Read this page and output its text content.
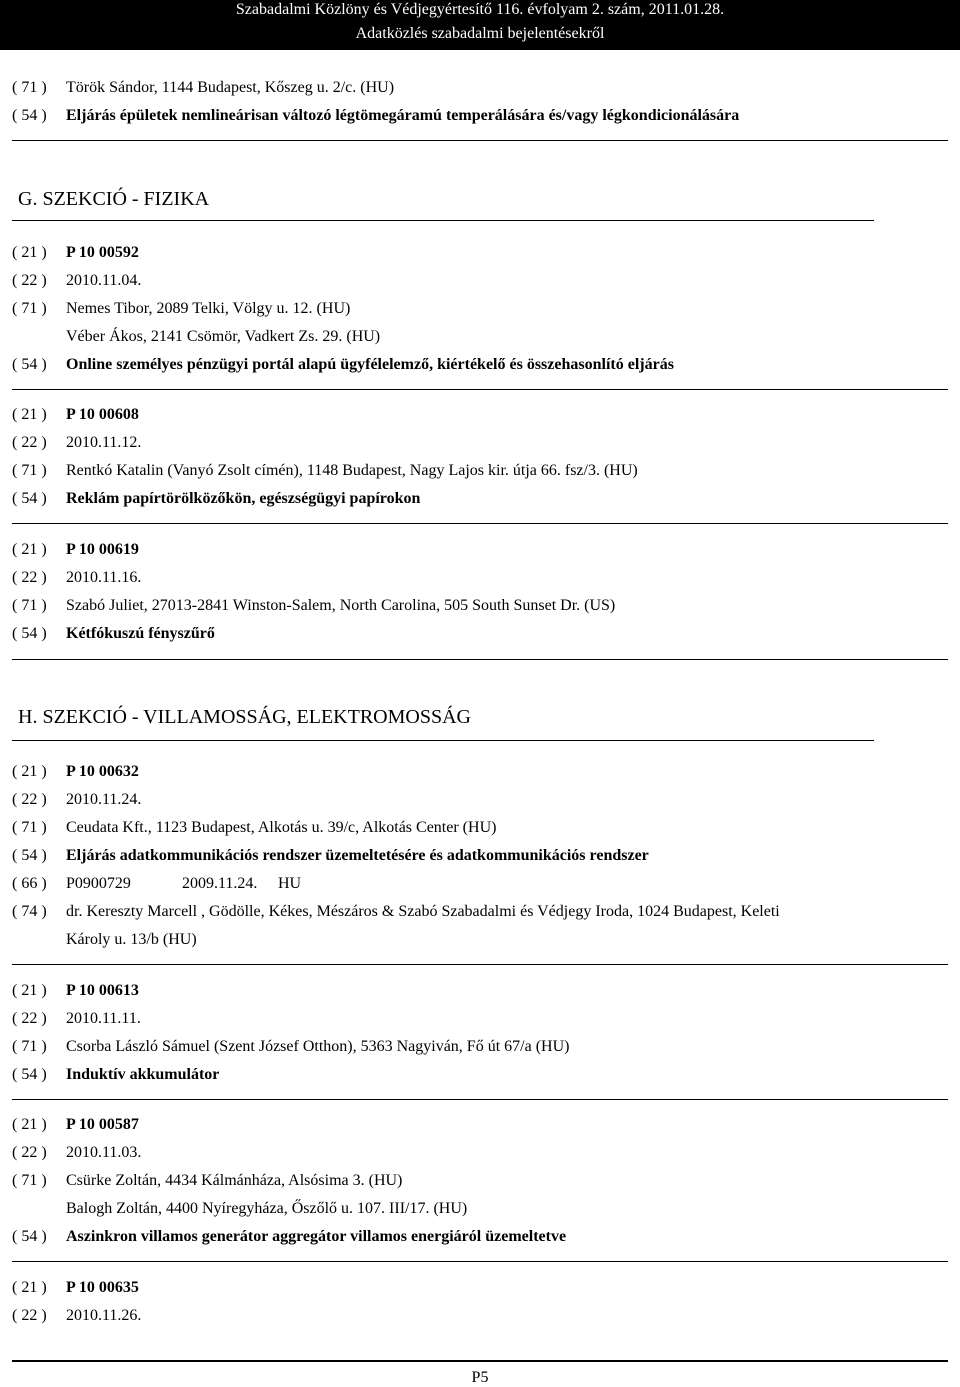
Szabadalmi Közlöny és Védjegyértesítő 116. évfolyam 2. szám, 2011.01.28.
Adatközlés szabadalmi bejelentésekről
( 71 ) Török Sándor, 1144 Budapest, Kőszeg u. 2/c. (HU)
( 54 ) Eljárás épületek nemlineárisan változó légtömegáramú temperálására és/vagy légkondicionálására
G. SZEKCIÓ - FIZIKA
( 21 ) P 10 00592
( 22 ) 2010.11.04.
( 71 ) Nemes Tibor, 2089 Telki, Völgy u. 12. (HU)
Véber Ákos, 2141 Csömör, Vadkert Zs. 29. (HU)
( 54 ) Online személyes pénzügyi portál alapú ügyfélelemző, kiértékelő és összehasonlító eljárás
( 21 ) P 10 00608
( 22 ) 2010.11.12.
( 71 ) Rentkó Katalin (Vanyó Zsolt címén), 1148 Budapest, Nagy Lajos kir. útja 66. fsz/3. (HU)
( 54 ) Reklám papírtörölközőkön, egészségügyi papírokon
( 21 ) P 10 00619
( 22 ) 2010.11.16.
( 71 ) Szabó Juliet, 27013-2841 Winston-Salem, North Carolina, 505 South Sunset Dr. (US)
( 54 ) Kétfókuszú fényszűrő
H. SZEKCIÓ - VILLAMOSSÁG, ELEKTROMOSSÁG
( 21 ) P 10 00632
( 22 ) 2010.11.24.
( 71 ) Ceudata Kft., 1123 Budapest, Alkotás u. 39/c, Alkotás Center (HU)
( 54 ) Eljárás adatkommunikációs rendszer üzemeltetésére és adatkommunikációs rendszer
( 66 ) P0900729	2009.11.24. HU
( 74 ) dr. Kereszty Marcell , Gödölle, Kékes, Mészáros & Szabó Szabadalmi és Védjegy Iroda, 1024 Budapest, Keleti
Károly u. 13/b (HU)
( 21 ) P 10 00613
( 22 ) 2010.11.11.
( 71 ) Csorba László Sámuel (Szent József Otthon), 5363 Nagyiván, Fő út 67/a (HU)
( 54 ) Induktív akkumulátor
( 21 ) P 10 00587
( 22 ) 2010.11.03.
( 71 ) Csürke Zoltán, 4434 Kálmánháza, Alsósima 3. (HU)
Balogh Zoltán, 4400 Nyíregyháza, Őszőlő u. 107. III/17. (HU)
( 54 ) Aszinkron villamos generátor aggregátor villamos energiáról üzemeltetve
( 21 ) P 10 00635
( 22 ) 2010.11.26.
P5
